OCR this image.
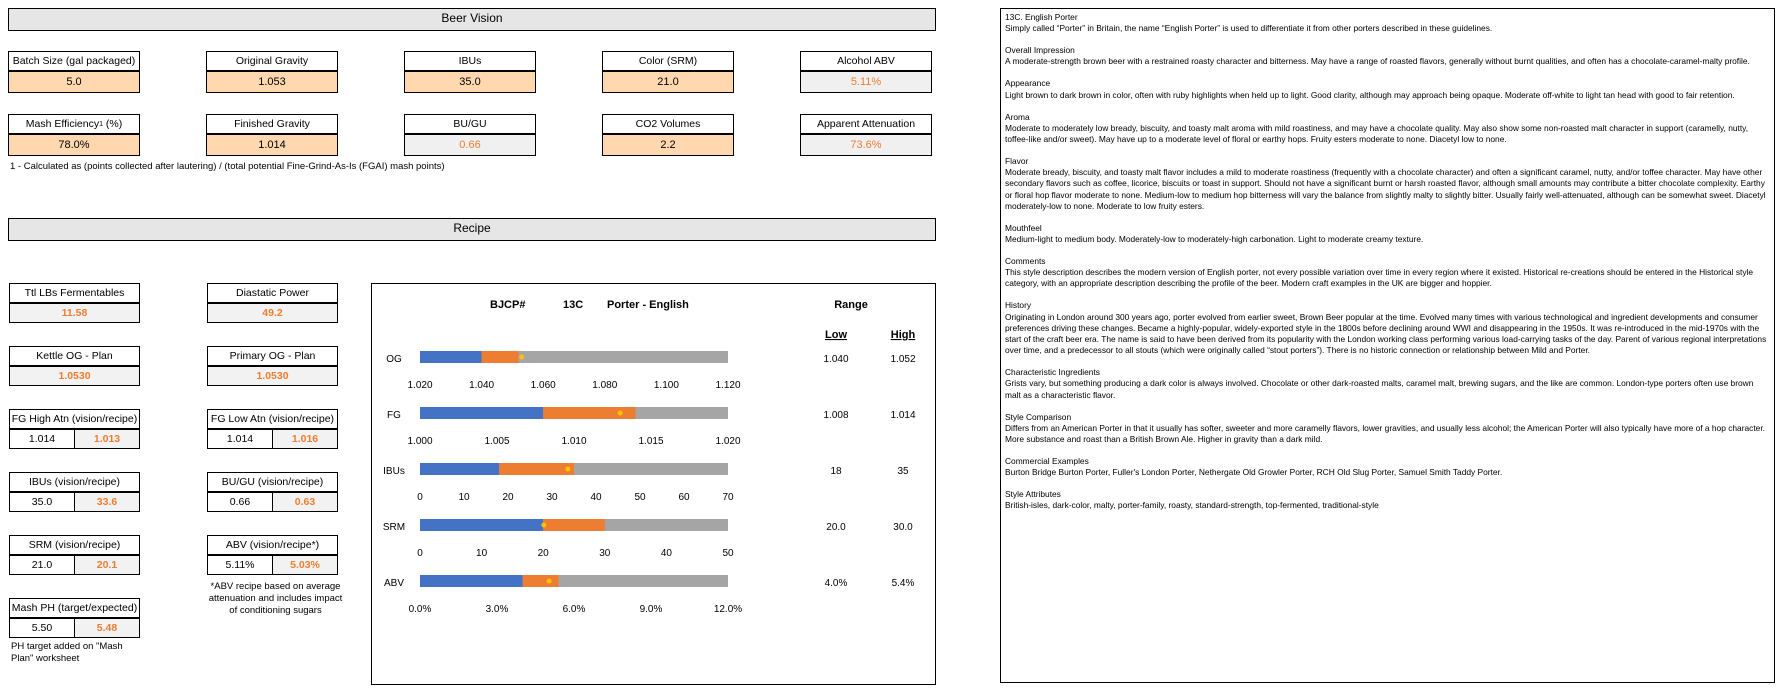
Beer Vision
Batch Size (gal packaged)
5.0
Original Gravity
1.053
IBUs
35.0
Color (SRM)
21.0
Alcohol ABV
5.11%
Mash Efficiency 1 (%)
78.0%
Finished Gravity
1.014
BU/GU
0.66
CO2 Volumes
2.2
Apparent Attenuation
73.6%
1 - Calculated as (points collected after lautering) / (total potential Fine-Grind-As-Is (FGAI) mash points)
Recipe
Ttl LBs Fermentables
11.58
Kettle OG - Plan
1.0530
FG High Atn (vision/recipe)
1.014	1.013
IBUs (vision/recipe)
35.0	33.6
SRM (vision/recipe)
21.0	20.1
Mash PH (target/expected)
5.50	5.48
PH target added on "Mash Plan" worksheet
Diastatic Power
49.2
Primary OG - Plan
1.0530
FG Low Atn (vision/recipe)
1.014	1.016
BU/GU (vision/recipe)
0.66	0.63
ABV (vision/recipe*)
5.11%	5.03%
*ABV recipe based on average attenuation and includes impact of conditioning sugars
BJCP#	13C Porter - English	Range
Low	High
OG
1.020	1.040	1.060	1.080	1.100	1.120
1.040	1.052
FG
1.000	1.005	1.010	1.015	1.020
1.008	1.014
IBUs
0	10	20	30	40	50	60	70
18	35
SRM
0	10	20	30	40	50
20.0	30.0
ABV
0.0%	3.0%	6.0%	9.0%	12.0%
4.0%	5.4%
13C. English Porter
Simply called “Porter” in Britain, the name “English Porter” is used to differentiate it from other porters described in these guidelines.
Overall Impression
A moderate-strength brown beer with a restrained roasty character and bitterness. May have a range of roasted flavors, generally without burnt qualities, and often has a chocolate-caramel-malty profile.
Appearance
Light brown to dark brown in color, often with ruby highlights when held up to light. Good clarity, although may approach being opaque. Moderate off-white to light tan head with good to fair retention.
Aroma
Moderate to moderately low bready, biscuity, and toasty malt aroma with mild roastiness, and may have a chocolate quality. May also show some non-roasted malt character in support (caramelly, nutty, toffee-like and/or sweet). May have up to a moderate level of floral or earthy hops. Fruity esters moderate to none. Diacetyl low to none.
Flavor
Moderate bready, biscuity, and toasty malt flavor includes a mild to moderate roastiness (frequently with a chocolate character) and often a significant caramel, nutty, and/or toffee character. May have other secondary flavors such as coffee, licorice, biscuits or toast in support. Should not have a significant burnt or harsh roasted flavor, although small amounts may contribute a bitter chocolate complexity. Earthy or floral hop flavor moderate to none. Medium-low to medium hop bitterness will vary the balance from slightly malty to slightly bitter. Usually fairly well-attenuated, although can be somewhat sweet. Diacetyl moderately-low to none. Moderate to low fruity esters.
Mouthfeel
Medium-light to medium body. Moderately-low to moderately-high carbonation. Light to moderate creamy texture.
Comments
This style description describes the modern version of English porter, not every possible variation over time in every region where it existed. Historical re-creations should be entered in the Historical style category, with an appropriate description describing the profile of the beer. Modern craft examples in the UK are bigger and hoppier.
History
Originating in London around 300 years ago, porter evolved from earlier sweet, Brown Beer popular at the time. Evolved many times with various technological and ingredient developments and consumer preferences driving these changes. Became a highly-popular, widely-exported style in the 1800s before declining around WWI and disappearing in the 1950s. It was re-introduced in the mid-1970s with the start of the craft beer era. The name is said to have been derived from its popularity with the London working class performing various load-carrying tasks of the day. Parent of various regional interpretations over time, and a predecessor to all stouts (which were originally called “stout porters”). There is no historic connection or relationship between Mild and Porter.
Characteristic Ingredients
Grists vary, but something producing a dark color is always involved. Chocolate or other dark-roasted malts, caramel malt, brewing sugars, and the like are common. London-type porters often use brown malt as a characteristic flavor.
Style Comparison
Differs from an American Porter in that it usually has softer, sweeter and more caramelly flavors, lower gravities, and usually less alcohol; the American Porter will also typically have more of a hop character. More substance and roast than a British Brown Ale. Higher in gravity than a dark mild.
Commercial Examples
Burton Bridge Burton Porter, Fuller's London Porter, Nethergate Old Growler Porter, RCH Old Slug Porter, Samuel Smith Taddy Porter.
Style Attributes
British-isles, dark-color, malty, porter-family, roasty, standard-strength, top-fermented, traditional-style
